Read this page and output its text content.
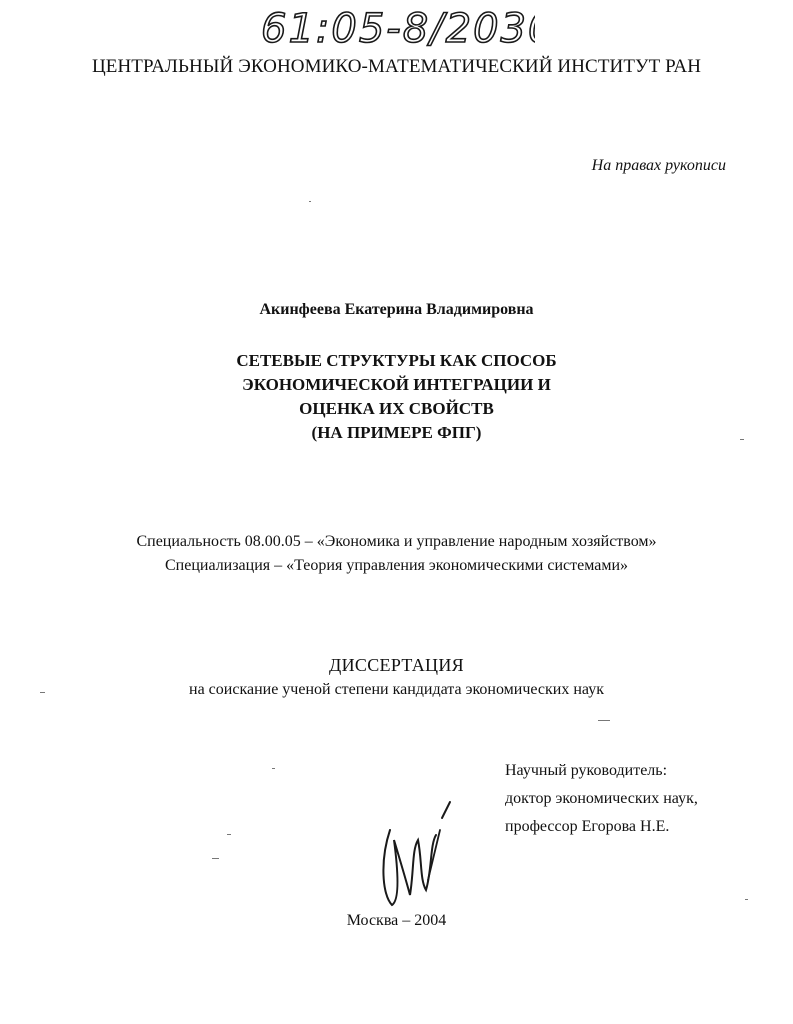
61:05-8/2030
ЦЕНТРАЛЬНЫЙ ЭКОНОМИКО-МАТЕМАТИЧЕСКИЙ ИНСТИТУТ РАН
На правах рукописи
Акинфеева Екатерина Владимировна
СЕТЕВЫЕ СТРУКТУРЫ КАК СПОСОБ
ЭКОНОМИЧЕСКОЙ ИНТЕГРАЦИИ И
ОЦЕНКА ИХ СВОЙСТВ
(НА ПРИМЕРЕ ФПГ)
Специальность 08.00.05 – «Экономика и управление народным хозяйством»
Специализация – «Теория управления экономическими системами»
ДИССЕРТАЦИЯ
на соискание ученой степени кандидата экономических наук
Научный руководитель:
доктор экономических наук,
профессор Егорова Н.Е.
Москва – 2004
